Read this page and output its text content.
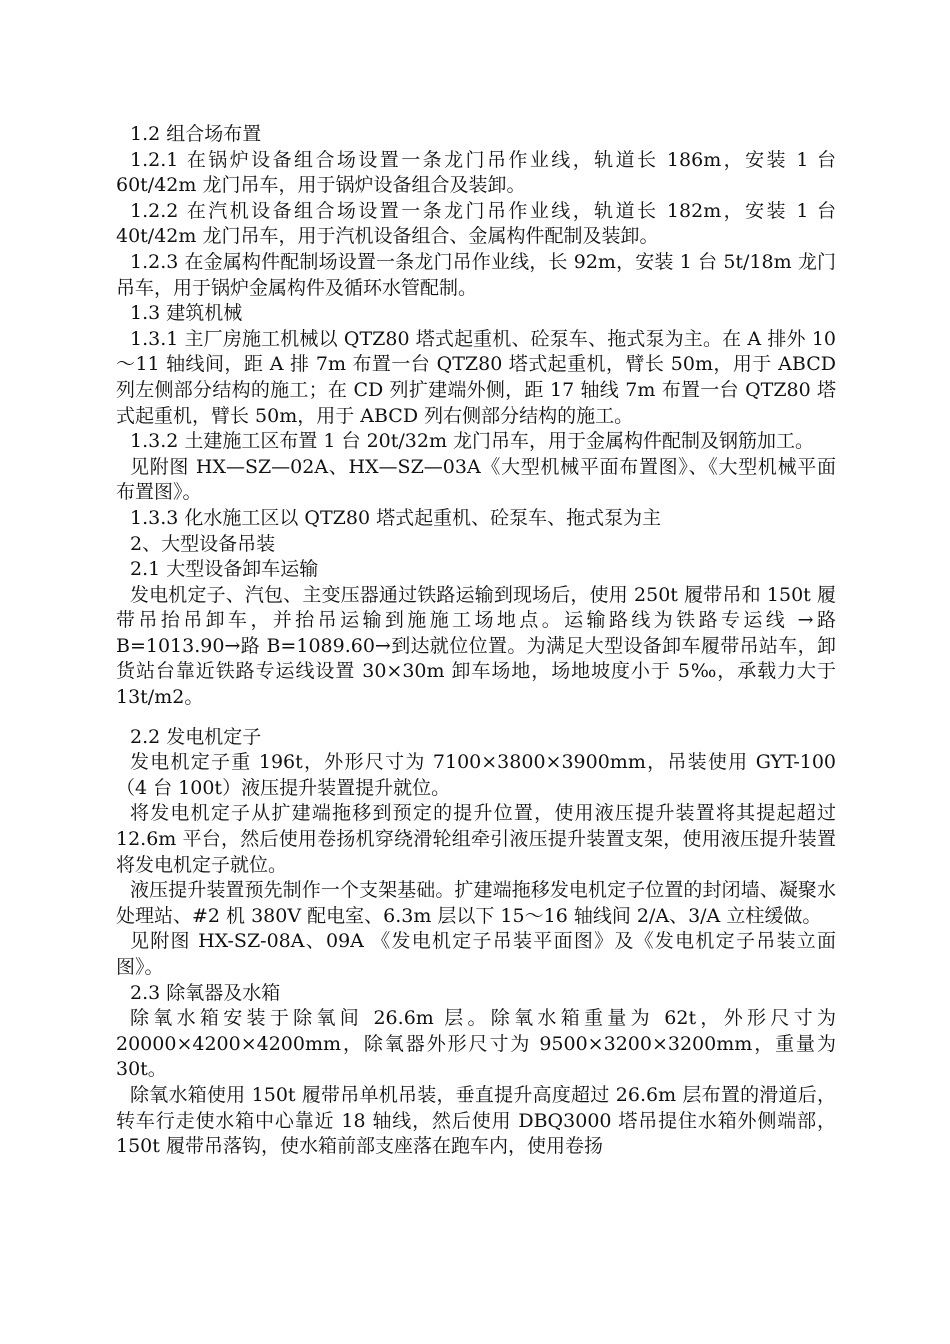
1.2 组合场布置

1.2.1 在锅炉设备组合场设置一条龙门吊作业线，轨道长 186m，安装 1 台 60t/42m 龙门吊车，用于锅炉设备组合及装卸。

1.2.2 在汽机设备组合场设置一条龙门吊作业线，轨道长 182m，安装 1 台 40t/42m 龙门吊车，用于汽机设备组合、金属构件配制及装卸。

1.2.3 在金属构件配制场设置一条龙门吊作业线，长 92m，安装 1 台 5t/18m 龙门吊车，用于锅炉金属构件及循环水管配制。

1.3 建筑机械

1.3.1 主厂房施工机械以 QTZ80 塔式起重机、砼泵车、拖式泵为主。在 A 排外 10～11 轴线间，距 A 排 7m 布置一台 QTZ80 塔式起重机，臂长 50m，用于 ABCD 列左侧部分结构的施工；在 CD 列扩建端外侧，距 17 轴线 7m 布置一台 QTZ80 塔式起重机，臂长 50m，用于 ABCD 列右侧部分结构的施工。

1.3.2 土建施工区布置 1 台 20t/32m 龙门吊车，用于金属构件配制及钢筋加工。

见附图 HX—SZ—02A、HX—SZ—03A《大型机械平面布置图》、《大型机械平面布置图》。

1.3.3 化水施工区以 QTZ80 塔式起重机、砼泵车、拖式泵为主

2、大型设备吊装

2.1 大型设备卸车运输

发电机定子、汽包、主变压器通过铁路运输到现场后，使用 250t 履带吊和 150t 履带吊抬吊卸车，并抬吊运输到施施工场地点。运输路线为铁路专运线 →路 B=1013.90→路 B=1089.60→到达就位位置。为满足大型设备卸车履带吊站车，卸货站台靠近铁路专运线设置 30×30m 卸车场地，场地坡度小于 5‰，承载力大于 13t/m2。

2.2 发电机定子

发电机定子重 196t，外形尺寸为 7100×3800×3900mm，吊装使用 GYT-100（4 台 100t）液压提升装置提升就位。

将发电机定子从扩建端拖移到预定的提升位置，使用液压提升装置将其提起超过 12.6m 平台，然后使用卷扬机穿绕滑轮组牵引液压提升装置支架，使用液压提升装置将发电机定子就位。

液压提升装置预先制作一个支架基础。扩建端拖移发电机定子位置的封闭墙、凝聚水处理站、#2 机 380V 配电室、6.3m 层以下 15～16 轴线间 2/A、3/A 立柱缓做。

见附图 HX-SZ-08A、09A 《发电机定子吊装平面图》及《发电机定子吊装立面图》。

2.3 除氧器及水箱

除氧水箱安装于除氧间 26.6m 层。除氧水箱重量为 62t，外形尺寸为 20000×4200×4200mm，除氧器外形尺寸为 9500×3200×3200mm，重量为 30t。

除氧水箱使用 150t 履带吊单机吊装，垂直提升高度超过 26.6m 层布置的滑道后，转车行走使水箱中心靠近 18 轴线，然后使用 DBQ3000 塔吊提住水箱外侧端部，150t 履带吊落钩，使水箱前部支座落在跑车内，使用卷扬
